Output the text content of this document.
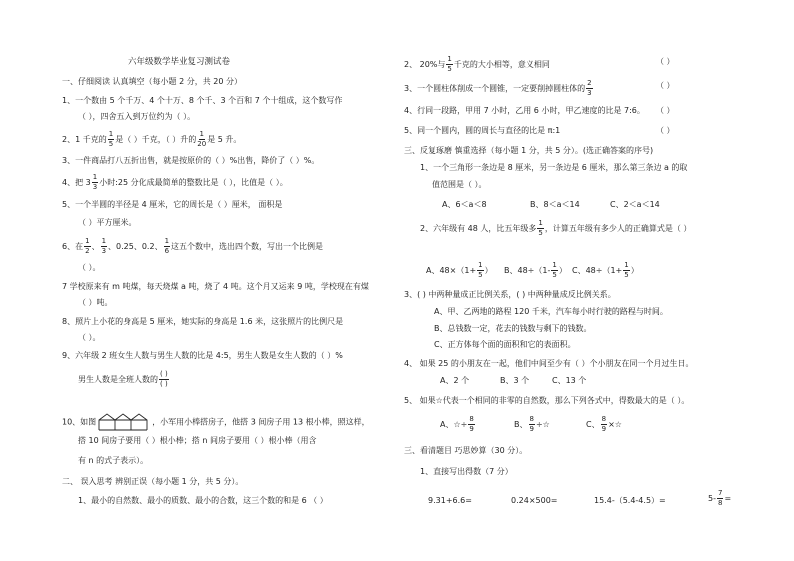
六年级数学毕业复习测试卷
一、仔细阅读 认真填空（每小题 2 分，共 20 分）
1、一个数由 5 个千万、4 个十万、8 个千、3 个百和 7 个十组成，这个数写作
（ ），四舍五入到万位约为（ ）。
2、1 千克的 $\frac{1}{5}$ 是（ ）千克，（ ）升的 $\frac{1}{20}$ 是 5 升。
3、一件商品打八五折出售，就是按原价的（ ）%出售，降价了（ ）%。
4、把 $3 \frac{1}{3}$ 小时:25 分化成最简单的整数比是（ ），比值是（ ）。
5、一个半圆的半径是 4 厘米，它的周长是（ ）厘米， 面积是
（ ）平方厘米。
6、在 $\frac{1}{2}$ 、 $\frac{1}{3}$ 、0.25、0.2、 $\frac{1}{6}$ 这五个数中，选出四个数，写出一个比例是
（ ）。
7 学校原来有 m 吨煤，每天烧煤 a 吨，烧了 4 吨。这个月又运来 9 吨，学校现在有煤
（ ）吨。
8、照片上小花的身高是 5 厘米，她实际的身高是 1.6 米，这张照片的比例尺是
（ ）。
9、六年级 2 班女生人数与男生人数的比是 4:5，男生人数是女生人数的（ ）%
男生人数是全班人数的
( )
( )
10、如图	，小军用小棒搭房子，他搭 3 间房子用 13 根小棒，照这样，
搭 10 间房子要用（ ）根小棒；搭 n 间房子要用（ ）根小棒（用含
有 n 的式子表示）。
二、 误入思考 辨别正误（每小题 1 分，共 5 分）。
1、最小的自然数、最小的质数、最小的合数，这三个数的和是 6 （ ）
2、 20%与 $\frac{1}{5}$ 千克的大小相等，意义相同	（ ）
3、一个圆柱体削成一个圆锥，一定要削掉圆柱体的 $\frac{2}{3}$	（ ）
4、行同一段路，甲用 7 小时，乙用 6 小时，甲乙速度的比是 7:6。 （ ）
5、同一个圆内，圆的周长与直径的比是 π:1	（ ）
三、反复琢磨 慎重选择（每小题 1 分，共 5 分）。(选正确答案的序号)
1、一个三角形一条边是 8 厘米，另一条边是 6 厘米，那么第三条边 a 的取
值范围是（ ）。
A、6＜a＜8	B、8＜a＜14	C、2＜a＜14
2、六年级有 48 人，比五年级多 $\frac{1}{5}$ ，计算五年级有多少人的正确算式是（ ）
A、$48\times(1+ \frac{1}{5}$ ） B、$48\div(1- \frac{1}{5}$ ） C、$48\div(1+ \frac{1}{5}$ ）
3、( ) 中两种量成正比例关系，( ) 中两种量成反比例关系。
A、甲、乙两地的路程 120 千米，汽车每小时行驶的路程与时间。
B、总钱数一定，花去的钱数与剩下的钱数。
C、正方体每个面的面积和它的表面积。
4、 如果 25 的小朋友在一起，他们中间至少有（ ）个小朋友在同一个月过生日。
A、2 个	B、3 个	C、13 个
5、 如果☆代表一个相同的非零的自然数，那么下列各式中，得数最大的是（ ）。
A、☆÷ $\frac{8}{9}$	B、 $\frac{8}{9}$ ÷☆	C、 $\frac{8}{9}$ ×☆
三、看清题目 巧思妙算（30 分）。
1、直接写出得数（7 分）
9.31+6.6=	0.24×500=	15.4-（5.4-4.5）=	$5- \frac{7}{8}$ =
